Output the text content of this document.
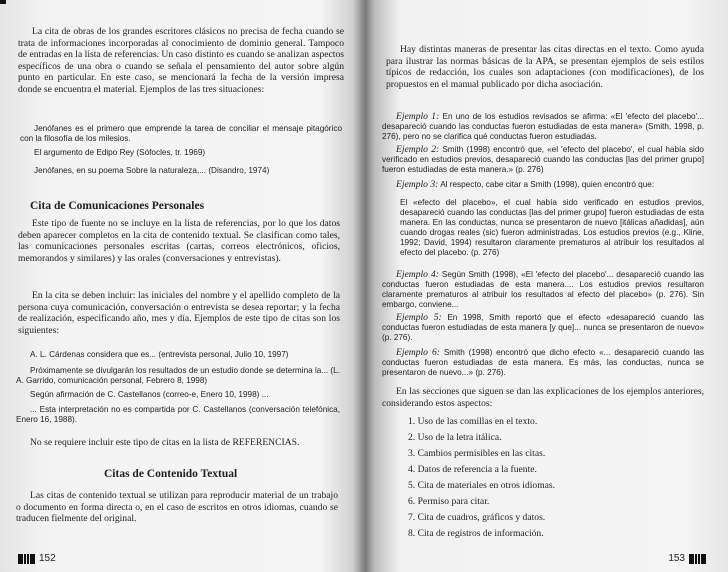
La cita de obras de los grandes escritores clásicos no precisa de fecha cuando se trata de informaciones incorporadas al conocimiento de dominio general. Tampoco de entradas en la lista de referencias. Un caso distinto es cuando se analizan aspectos específicos de una obra o cuando se señala el pensamiento del autor sobre algún punto en particular. En este caso, se mencionará la fecha de la versión impresa donde se encuentra el material. Ejemplos de las tres situaciones:

Jenófanes es el primero que emprende la tarea de conciliar el mensaje pitagórico con la filosofía de los milesios.

El argumento de Edipo Rey (Sófocles, tr. 1969)

Jenófanes, en su poema Sobre la naturaleza,... (Disandro, 1974)

Cita de Comunicaciones Personales

Este tipo de fuente no se incluye en la lista de referencias, por lo que los datos deben aparecer completos en la cita de contenido textual. Se clasifican como tales, las comunicaciones personales escritas (cartas, correos electrónicos, oficios, memorandos y similares) y las orales (conversaciones y entrevistas).

En la cita se deben incluir: las iniciales del nombre y el apellido completo de la persona cuya comunicación, conversación o entrevista se desea reportar; y la fecha de realización, especificando año, mes y día. Ejemplos de este tipo de citas son los siguientes:

A. L. Cárdenas considera que es... (entrevista personal, Julio 10, 1997)

Próximamente se divulgarán los resultados de un estudio donde se determina la... (L. A. Garrido, comunicación personal, Febrero 8, 1998)

Según afirmación de C. Castellanos (correo-e, Enero 10, 1998) ...

... Esta interpretación no es compartida por C. Castellanos (conversación telefónica, Enero 16, 1988).

No se requiere incluir este tipo de citas en la lista de REFERENCIAS.

Citas de Contenido Textual

Las citas de contenido textual se utilizan para reproducir material de un trabajo o documento en forma directa o, en el caso de escritos en otros idiomas, cuando se traducen fielmente del original.

152

Hay distintas maneras de presentar las citas directas en el texto. Como ayuda para ilustrar las normas básicas de la APA, se presentan ejemplos de seis estilos típicos de redacción, los cuales son adaptaciones (con modificaciones), de los propuestos en el manual publicado por dicha asociación.

Ejemplo 1: En uno de los estudios revisados se afirma: «El 'efecto del placebo'... desapareció cuando las conductas fueron estudiadas de esta manera» (Smith, 1998, p. 276), pero no se clarifica qué conductas fueron estudiadas.

Ejemplo 2: Smith (1998) encontró que, «el 'efecto del placebo', el cual había sido verificado en estudios previos, desapareció cuando las conductas [las del primer grupo] fueron estudiadas de esta manera.» (p. 276)

Ejemplo 3: Al respecto, cabe citar a Smith (1998), quien encontró que:

El «efecto del placebo», el cual había sido verificado en estudios previos, desapareció cuando las conductas [las del primer grupo] fueron estudiadas de esta manera. En las conductas, nunca se presentaron de nuevo [itálicas añadidas], aún cuando drogas reales (sic) fueron administradas. Los estudios previos (e.g., Kline, 1992; David, 1994) resultaron claramente prematuros al atribuir los resultados al efecto del placebo. (p. 276)

Ejemplo 4: Según Smith (1998), «El 'efecto del placebo'... desapareció cuando las conductas fueron estudiadas de esta manera.... Los estudios previos resultaron claramente prematuros al atribuir los resultados al efecto del placebo» (p. 276). Sin embargo, conviene...

Ejemplo 5: En 1998, Smith reportó que el efecto «desapareció cuando las conductas fueron estudiadas de esta manera [y que]... nunca se presentaron de nuevo» (p. 276).

Ejemplo 6: Smith (1998) encontró que dicho efecto «... desapareció cuando las conductas fueron estudiadas de esta manera. Es más, las conductas, nunca se presentaron de nuevo...» (p. 276).

En las secciones que siguen se dan las explicaciones de los ejemplos anteriores, considerando estos aspectos:

1. Uso de las comillas en el texto.
2. Uso de la letra itálica.
3. Cambios permisibles en las citas.
4. Datos de referencia a la fuente.
5. Cita de materiales en otros idiomas.
6. Permiso para citar.
7. Cita de cuadros, gráficos y datos.
8. Cita de registros de información.
153
